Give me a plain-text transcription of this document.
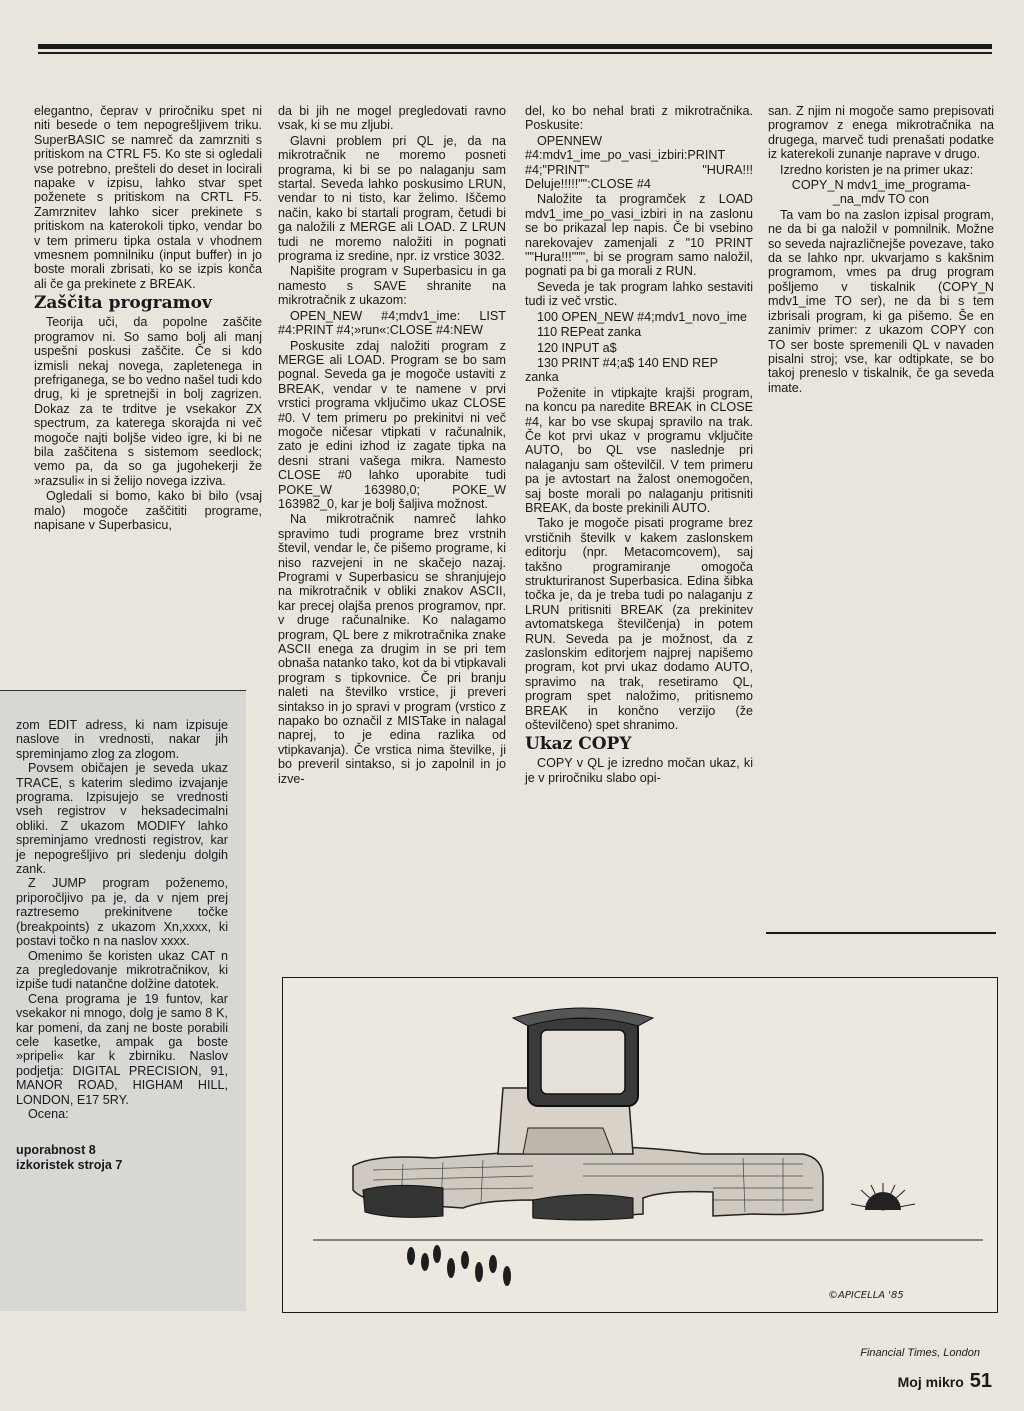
elegantno, čeprav v priročniku spet ni niti besede o tem nepogrešljivem triku. SuperBASIC se namreč da zamrzniti s pritiskom na CTRL F5. Ko ste si ogledali vse potrebno, prešteli do deset in locirali napake v izpisu, lahko stvar spet poženete s pritiskom na CRTL F5. Zamrznitev lahko sicer prekinete s pritiskom na katerokoli tipko, vendar bo v tem primeru tipka ostala v vhodnem vmesnem pomnilniku (input buffer) in jo boste morali zbrisati, ko se izpis konča ali če ga prekinete z BREAK.

Zaščita programov

Teorija uči, da popolne zaščite programov ni. So samo bolj ali manj uspešni poskusi zaščite. Če si kdo izmisli nekaj novega, zapletenega in prefriganega, se bo vedno našel tudi kdo drug, ki je spretnejši in bolj zagrizen. Dokaz za te trditve je vsekakor ZX spectrum, za katerega skorajda ni več mogoče najti boljše video igre, ki bi ne bila zaščitena s sistemom seedlock; vemo pa, da so ga jugohekerji že »razsuli« in si želijo novega izziva.

Ogledali si bomo, kako bi bilo (vsaj malo) mogoče zaščititi programe, napisane v Superbasicu,

da bi jih ne mogel pregledovati ravno vsak, ki se mu zljubi.

Glavni problem pri QL je, da na mikrotračnik ne moremo posneti programa, ki bi se po nalaganju sam startal. Seveda lahko poskusimo LRUN, vendar to ni tisto, kar želimo. Iščemo način, kako bi startali program, četudi bi ga naložili z MERGE ali LOAD. Z LRUN tudi ne moremo naložiti in pognati programa iz sredine, npr. iz vrstice 3032.

Napišite program v Superbasicu in ga namesto s SAVE shranite na mikrotračnik z ukazom:

OPEN_NEW #4;mdv1_ime: LIST #4:PRINT #4;»run«:CLOSE #4:NEW

Poskusite zdaj naložiti program z MERGE ali LOAD. Program se bo sam pognal. Seveda ga je mogoče ustaviti z BREAK, vendar v te namene v prvi vrstici programa vključimo ukaz CLOSE #0. V tem primeru po prekinitvi ni več mogoče ničesar vtipkati v računalnik, zato je edini izhod iz zagate tipka na desni strani vašega mikra. Namesto CLOSE #0 lahko uporabite tudi POKE_W 163980,0; POKE_W 163982_0, kar je bolj šaljiva možnost.

Na mikrotračnik namreč lahko spravimo tudi programe brez vrstnih števil, vendar le, če pišemo programe, ki niso razvejeni in ne skačejo nazaj. Programi v Superbasicu se shranjujejo na mikrotračnik v obliki znakov ASCII, kar precej olajša prenos programov, npr. v druge računalnike. Ko nalagamo program, QL bere z mikrotračnika znake ASCII enega za drugim in se pri tem obnaša natanko tako, kot da bi vtipkavali program s tipkovnice. Če pri branju naleti na številko vrstice, ji preveri sintakso in jo spravi v program (vrstico z napako bo označil z MISTake in nalagal naprej, to je edina razlika od vtipkavanja). Če vrstica nima številke, ji bo preveril sintakso, si jo zapolnil in jo izve-

del, ko bo nehal brati z mikrotračnika. Poskusite:

OPENNEW #4:mdv1_ime_po_vasi_izbiri:PRINT #4;"PRINT" "HURA!!! Deluje!!!!!"":CLOSE #4

Naložite ta programček z LOAD mdv1_ime_po_vasi_izbiri in na zaslonu se bo prikazal lep napis. Če bi vsebino narekovajev zamenjali z "10 PRINT ""Hura!!!""", bi se program samo naložil, pognati pa bi ga morali z RUN.

Seveda je tak program lahko sestaviti tudi iz več vrstic.

100 OPEN_NEW #4;mdv1_novo_ime

110 REPeat zanka

120 INPUT a$

130 PRINT #4;a$ 140 END REP zanka

Poženite in vtipkajte krajši program, na koncu pa naredite BREAK in CLOSE #4, kar bo vse skupaj spravilo na trak. Če kot prvi ukaz v programu vključite AUTO, bo QL vse naslednje pri nalaganju sam oštevilčil. V tem primeru pa je avtostart na žalost onemogočen, saj boste morali po nalaganju pritisniti BREAK, da boste prekinili AUTO.

Tako je mogoče pisati programe brez vrstičnih številk v kakem zaslonskem editorju (npr. Metacomcovem), saj takšno programiranje omogoča strukturiranost Superbasica. Edina šibka točka je, da je treba tudi po nalaganju z LRUN pritisniti BREAK (za prekinitev avtomatskega številčenja) in potem RUN. Seveda pa je možnost, da z zaslonskim editorjem najprej napišemo program, kot prvi ukaz dodamo AUTO, spravimo na trak, resetiramo QL, program spet naložimo, pritisnemo BREAK in končno verzijo (že oštevilčeno) spet shranimo.

Ukaz COPY

COPY v QL je izredno močan ukaz, ki je v priročniku slabo opi-

san. Z njim ni mogoče samo prepisovati programov z enega mikrotračnika na drugega, marveč tudi prenašati podatke iz katerekoli zunanje naprave v drugo.

Izredno koristen je na primer ukaz:

COPY_N mdv1_ime_programa-_na_mdv TO con

Ta vam bo na zaslon izpisal program, ne da bi ga naložil v pomnilnik. Možne so seveda najrazličnejše povezave, tako da se lahko npr. ukvarjamo s kakšnim programom, vmes pa drug program pošljemo v tiskalnik (COPY_N mdv1_ime TO ser), ne da bi s tem izbrisali program, ki ga pišemo. Še en zanimiv primer: z ukazom COPY con TO ser boste spremenili QL v navaden pisalni stroj; vse, kar odtipkate, se bo takoj preneslo v tiskalnik, če ga seveda imate.

zom EDIT adress, ki nam izpisuje naslove in vrednosti, nakar jih spreminjamo zlog za zlogom.

Povsem običajen je seveda ukaz TRACE, s katerim sledimo izvajanje programa. Izpisujejo se vrednosti vseh registrov v heksadecimalni obliki. Z ukazom MODIFY lahko spreminjamo vrednosti registrov, kar je nepogrešljivo pri sledenju dolgih zank.

Z JUMP program poženemo, priporočljivo pa je, da v njem prej raztresemo prekinitvene točke (breakpoints) z ukazom Xn,xxxx, ki postavi točko n na naslov xxxx.

Omenimo še koristen ukaz CAT n za pregledovanje mikrotračnikov, ki izpiše tudi natančne dolžine datotek.

Cena programa je 19 funtov, kar vsekakor ni mnogo, dolg je samo 8 K, kar pomeni, da zanj ne boste porabili cele kasetke, ampak ga boste »pripeli« kar k zbirniku. Naslov podjetja: DIGITAL PRECISION, 91, MANOR ROAD, HIGHAM HILL, LONDON, E17 5RY.

Ocena:

uporabnost 8

izkoristek stroja 7

©APICELLA '85
Financial Times, London
Moj mikro 51
